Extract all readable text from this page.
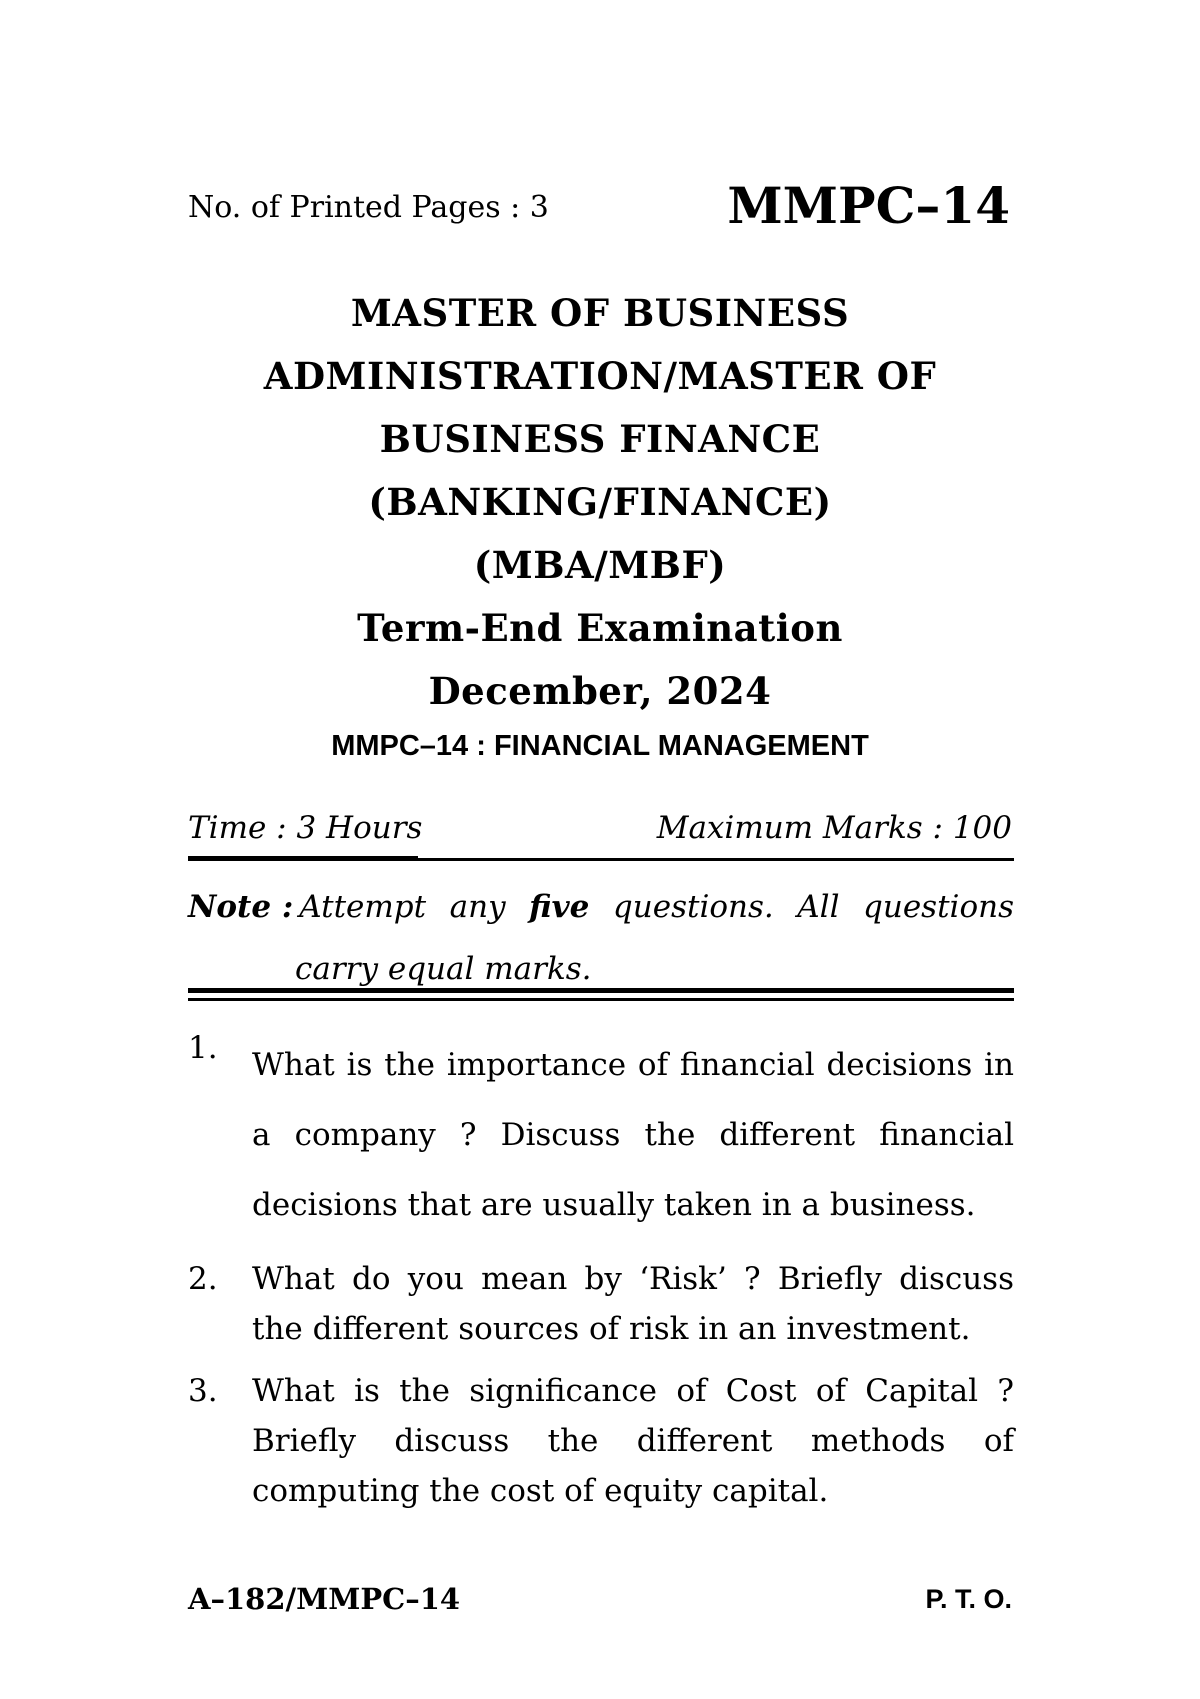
No. of Printed Pages : 3	MMPC–14
MASTER OF BUSINESS
ADMINISTRATION/MASTER OF
BUSINESS FINANCE
(BANKING/FINANCE)
(MBA/MBF)
Term-End Examination
December, 2024
MMPC–14 : FINANCIAL MANAGEMENT
Time : 3 Hours	Maximum Marks : 100
Note : Attempt any five questions. All questions
carry equal marks.
1.	What is the importance of financial decisions in a company ? Discuss the different financial decisions that are usually taken in a business.
2.	What do you mean by ‘Risk’ ? Briefly discuss the different sources of risk in an investment.
3.	What is the significance of Cost of Capital ? Briefly discuss the different methods of computing the cost of equity capital.
A–182/MMPC–14	P. T. O.
